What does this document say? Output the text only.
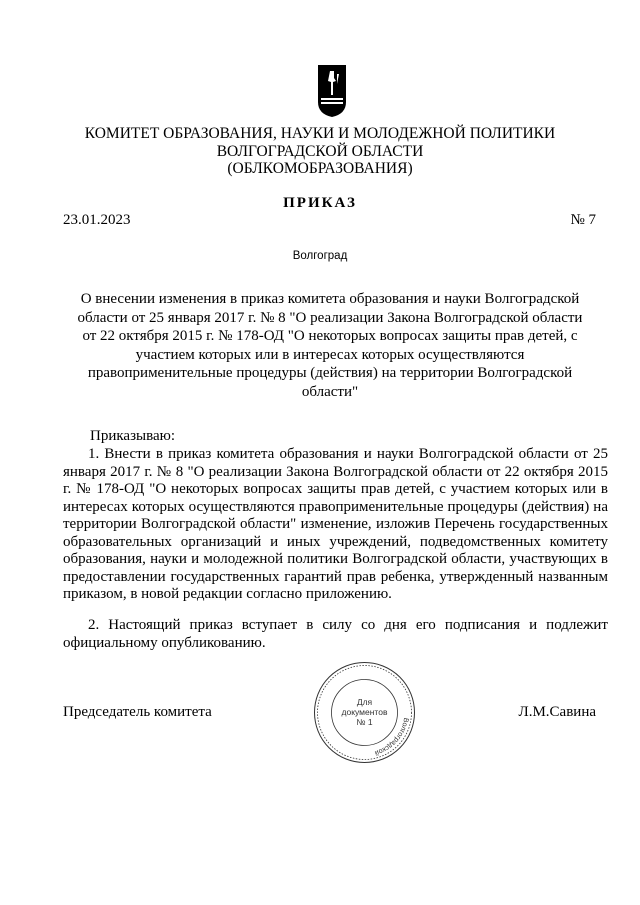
КОМИТЕТ ОБРАЗОВАНИЯ, НАУКИ И МОЛОДЕЖНОЙ ПОЛИТИКИ
ВОЛГОГРАДСКОЙ ОБЛАСТИ
(ОБЛКОМОБРАЗОВАНИЯ)
ПРИКАЗ
23.01.2023	№ 7
Волгоград
О внесении изменения в приказ комитета образования и науки Волгоградской области от 25 января 2017 г. № 8 "О реализации Закона Волгоградской области от 22 октября 2015 г. № 178-ОД "О некоторых вопросах защиты прав детей, с участием которых или в интересах которых осуществляются правоприменительные процедуры (действия) на территории Волгоградской области"
Приказываю:
1. Внести в приказ комитета образования и науки Волгоградской области от 25 января 2017 г. № 8 "О реализации Закона Волгоградской области от 22 октября 2015 г. № 178-ОД "О некоторых вопросах защиты прав детей, с участием которых или в интересах которых осуществляются правоприменительные процедуры (действия) на территории Волгоградской области" изменение, изложив Перечень государственных образовательных организаций и иных учреждений, подведомственных комитету образования, науки и молодежной политики Волгоградской области, участвующих в предоставлении государственных гарантий прав ребенка, утвержденный названным приказом, в новой редакции согласно приложению.
2. Настоящий приказ вступает в силу со дня его подписания и подлежит официальному опубликованию.
Председатель комитета	Л.М.Савина
Волгоградской
Для
документов
№ 1
